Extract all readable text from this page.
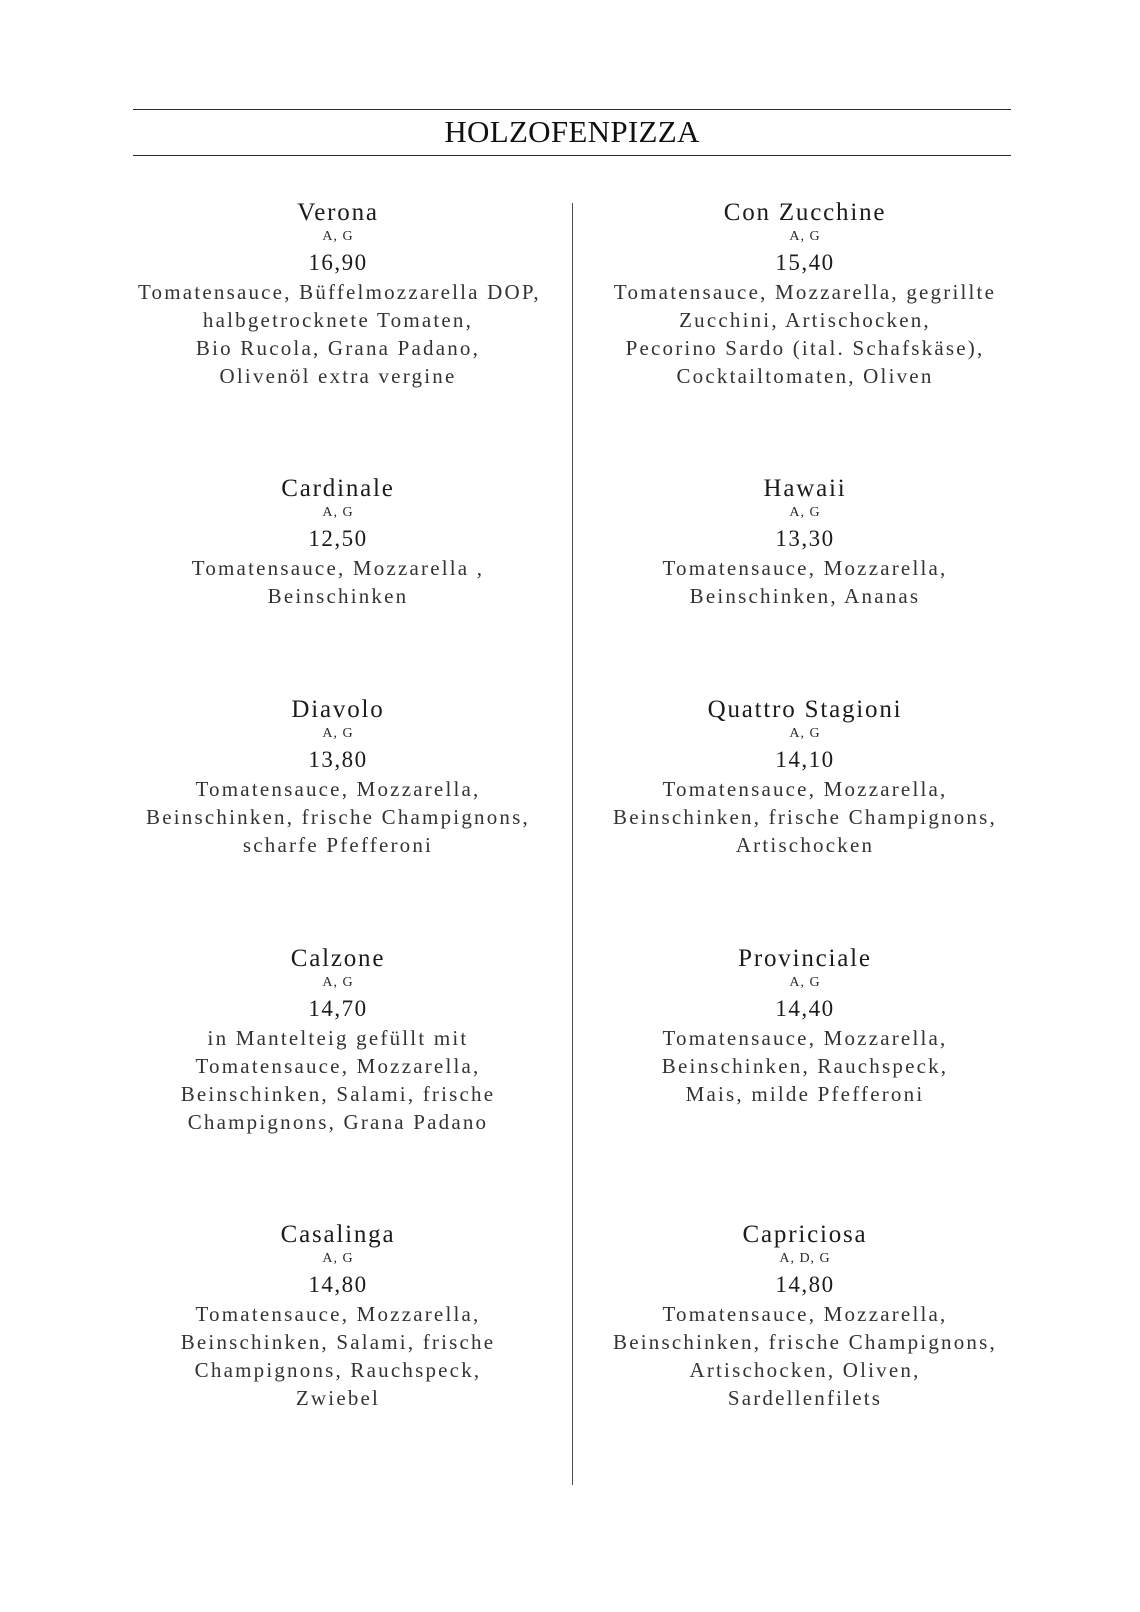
HOLZOFENPIZZA
Verona
A, G
16,90
Tomatensauce, Büffelmozzarella DOP,
halbgetrocknete Tomaten,
Bio Rucola, Grana Padano,
Olivenöl extra vergine
Cardinale
A, G
12,50
Tomatensauce, Mozzarella ,
Beinschinken
Diavolo
A, G
13,80
Tomatensauce, Mozzarella,
Beinschinken, frische Champignons,
scharfe Pfefferoni
Calzone
A, G
14,70
in Mantelteig gefüllt mit
Tomatensauce, Mozzarella,
Beinschinken, Salami, frische
Champignons, Grana Padano
Casalinga
A, G
14,80
Tomatensauce, Mozzarella,
Beinschinken, Salami, frische
Champignons, Rauchspeck,
Zwiebel
Con Zucchine
A, G
15,40
Tomatensauce, Mozzarella, gegrillte
Zucchini, Artischocken,
Pecorino Sardo (ital. Schafskäse),
Cocktailtomaten, Oliven
Hawaii
A, G
13,30
Tomatensauce, Mozzarella,
Beinschinken, Ananas
Quattro Stagioni
A, G
14,10
Tomatensauce, Mozzarella,
Beinschinken, frische Champignons,
Artischocken
Provinciale
A, G
14,40
Tomatensauce, Mozzarella,
Beinschinken, Rauchspeck,
Mais, milde Pfefferoni
Capriciosa
A, D, G
14,80
Tomatensauce, Mozzarella,
Beinschinken, frische Champignons,
Artischocken, Oliven,
Sardellenfilets
